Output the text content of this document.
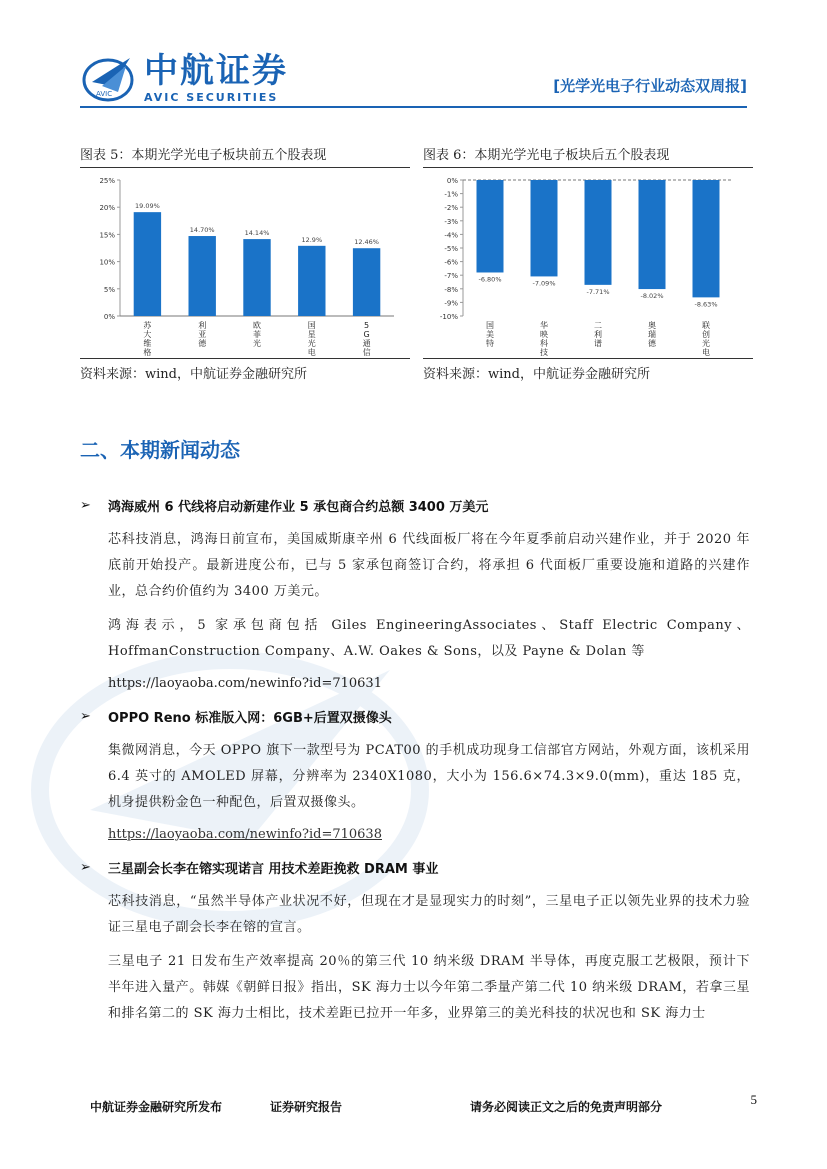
AVIC
中航证券
AVIC SECURITIES
[光学光电子行业动态双周报]
图表 5：本期光学光电子板块前五个股表现
0%
5%
10%
15%
20%
25%
19.09%
苏
大
维
格
14.70%
利
亚
德
14.14%
欧
菲
光
12.9%
国
星
光
电
12.46%
5
G
通
信
资料来源：wind，中航证券金融研究所
图表 6：本期光学光电子板块后五个股表现
0%
-1%
-2%
-3%
-4%
-5%
-6%
-7%
-8%
-9%
-10%
-6.80%
国
美
特
-7.09%
华
映
科
技
-7.71%
二
利
谱
-8.02%
奥
瑞
德
-8.63%
联
创
光
电
资料来源：wind，中航证券金融研究所
二、本期新闻动态
➢	鸿海威州 6 代线将启动新建作业 5 承包商合约总额 3400 万美元

芯科技消息，鸿海日前宣布，美国威斯康辛州 6 代线面板厂将在今年夏季前启动兴建作业，并于 2020 年底前开始投产。最新进度公布，已与 5 家承包商签订合约，将承担 6 代面板厂重要设施和道路的兴建作业，总合约价值约为 3400 万美元。

鸿海表示，5 家承包商包括 Giles EngineeringAssociates、Staff Electric Company、HoffmanConstruction Company、A.W. Oakes & Sons，以及 Payne & Dolan 等

https://laoyaoba.com/newinfo?id=710631
➢	OPPO Reno 标准版入网：6GB+后置双摄像头

集微网消息，今天 OPPO 旗下一款型号为 PCAT00 的手机成功现身工信部官方网站，外观方面，该机采用 6.4 英寸的 AMOLED 屏幕，分辨率为 2340X1080，大小为 156.6×74.3×9.0(mm)，重达 185 克，机身提供粉金色一种配色，后置双摄像头。

https://laoyaoba.com/newinfo?id=710638
➢	三星副会长李在镕实现诺言 用技术差距挽救 DRAM 事业

芯科技消息，“虽然半导体产业状况不好，但现在才是显现实力的时刻”，三星电子正以领先业界的技术力验证三星电子副会长李在镕的宣言。

三星电子 21 日发布生产效率提高 20％的第三代 10 纳米级 DRAM 半导体，再度克服工艺极限，预计下半年进入量产。韩媒《朝鲜日报》指出，SK 海力士以今年第二季量产第二代 10 纳米级 DRAM，若拿三星和排名第二的 SK 海力士相比，技术差距已拉开一年多，业界第三的美光科技的状况也和 SK 海力士

中航证券金融研究所发布	证券研究报告	请务必阅读正文之后的免责声明部分	5
